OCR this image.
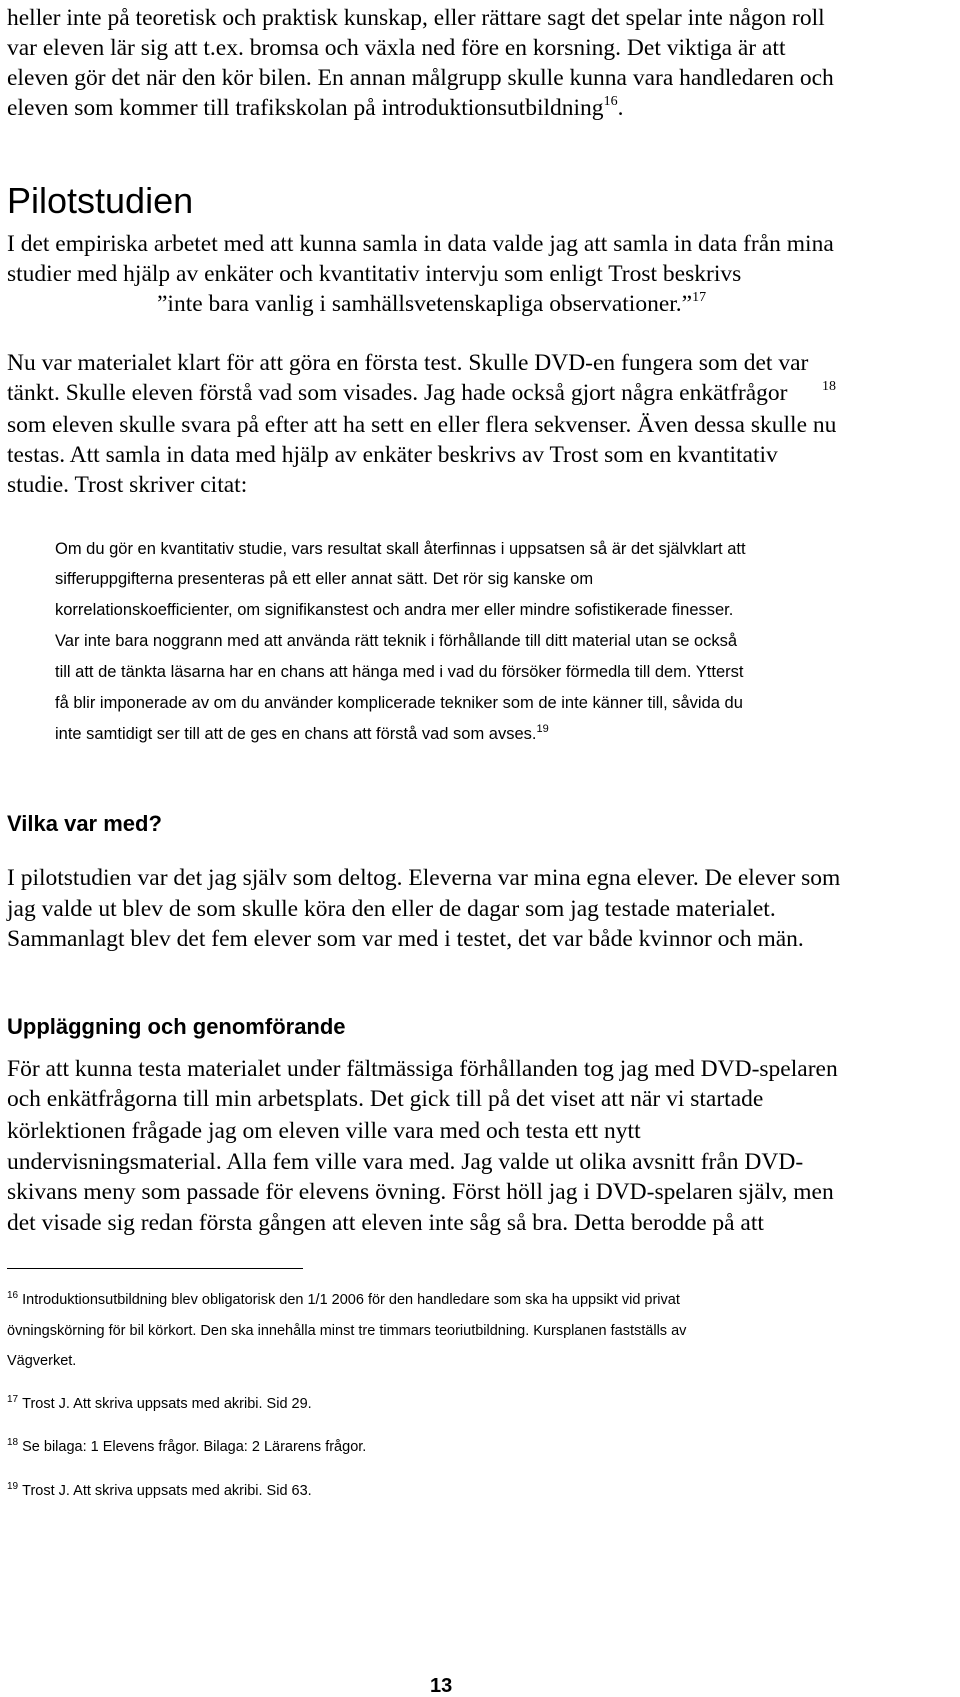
heller inte på teoretisk och praktisk kunskap, eller rättare sagt det spelar inte någon roll
var eleven lär sig att t.ex. bromsa och växla ned före en korsning. Det viktiga är att
eleven gör det när den kör bilen. En annan målgrupp skulle kunna vara handledaren och
eleven som kommer till trafikskolan på introduktionsutbildning$^{16}$.
Pilotstudien
I det empiriska arbetet med att kunna samla in data valde jag att samla in data från mina
studier med hjälp av enkäter och kvantitativ intervju som enligt Trost beskrivs
”inte bara vanlig i samhällsvetenskapliga observationer.”$^{17}$
Nu var materialet klart för att göra en första test. Skulle DVD-en fungera som det var
tänkt. Skulle eleven förstå vad som visades. Jag hade också gjort några enkätfrågor $^{18}$
som eleven skulle svara på efter att ha sett en eller flera sekvenser. Även dessa skulle nu
testas. Att samla in data med hjälp av enkäter beskrivs av Trost som en kvantitativ
studie. Trost skriver citat:
Om du gör en kvantitativ studie, vars resultat skall återfinnas i uppsatsen så är det självklart att
sifferuppgifterna presenteras på ett eller annat sätt. Det rör sig kanske om
korrelationskoefficienter, om signifikanstest och andra mer eller mindre sofistikerade finesser.
Var inte bara noggrann med att använda rätt teknik i förhållande till ditt material utan se också
till att de tänkta läsarna har en chans att hänga med i vad du försöker förmedla till dem. Ytterst
få blir imponerade av om du använder komplicerade tekniker som de inte känner till, såvida du
inte samtidigt ser till att de ges en chans att förstå vad som avses.$^{19}$
Vilka var med?
I pilotstudien var det jag själv som deltog. Eleverna var mina egna elever. De elever som
jag valde ut blev de som skulle köra den eller de dagar som jag testade materialet.
Sammanlagt blev det fem elever som var med i testet, det var både kvinnor och män.
Uppläggning och genomförande
För att kunna testa materialet under fältmässiga förhållanden tog jag med DVD-spelaren
och enkätfrågorna till min arbetsplats. Det gick till på det viset att när vi startade
körlektionen frågade jag om eleven ville vara med och testa ett nytt
undervisningsmaterial. Alla fem ville vara med. Jag valde ut olika avsnitt från DVD-
skivans meny som passade för elevens övning. Först höll jag i DVD-spelaren själv, men
det visade sig redan första gången att eleven inte såg så bra. Detta berodde på att
$^{16}$ Introduktionsutbildning blev obligatorisk den 1/1 2006 för den handledare som ska ha uppsikt vid privat
övningskörning för bil körkort. Den ska innehålla minst tre timmars teoriutbildning. Kursplanen fastställs av
Vägverket.
$^{17}$ Trost J. Att skriva uppsats med akribi. Sid 29.
$^{18}$ Se bilaga: 1 Elevens frågor. Bilaga: 2 Lärarens frågor.
$^{19}$ Trost J. Att skriva uppsats med akribi. Sid 63.
13
